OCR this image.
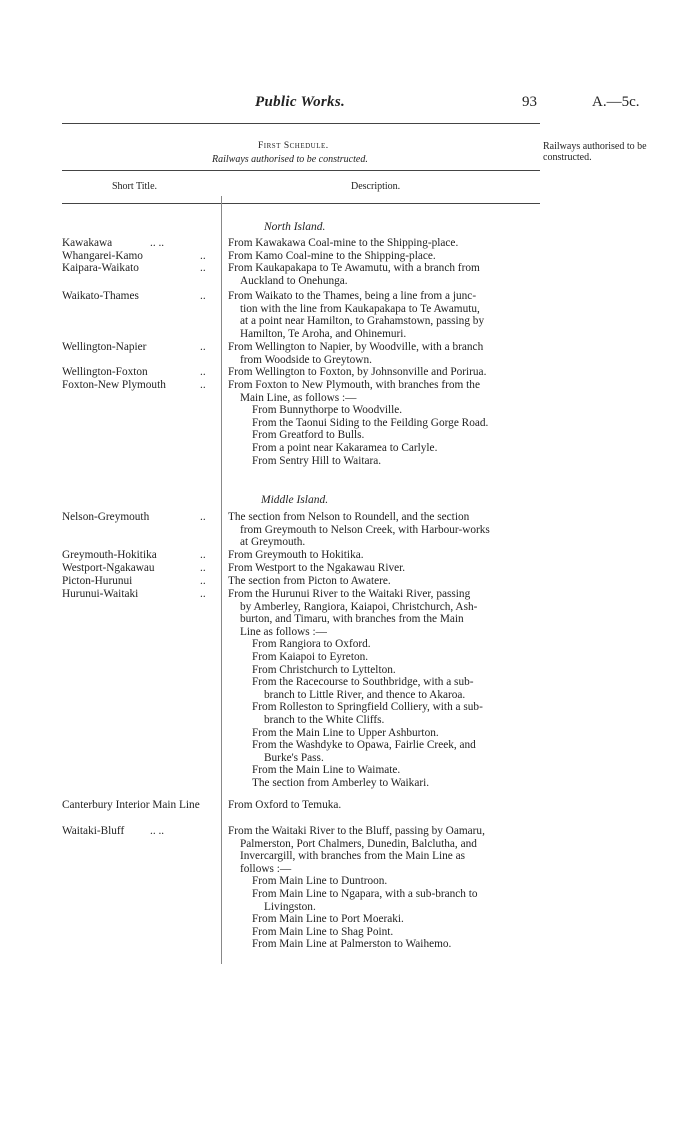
Public Works.	93	A.—5c.
First Schedule.
Railways authorised to be constructed.
Railways authorised to be constructed.
Short Title.	Description.
North Island.
Kawakawa	.. ..	From Kawakawa Coal-mine to the Shipping-place.
Whangarei-Kamo	.. From Kamo Coal-mine to the Shipping-place.
Kaipara-Waikato	.. From Kaukapakapa to Te Awamutu, with a branch from
Auckland to Onehunga.
Waikato-Thames	.. From Waikato to the Thames, being a line from a junc-
tion with the line from Kaukapakapa to Te Awamutu,
at a point near Hamilton, to Grahamstown, passing by
Hamilton, Te Aroha, and Ohinemuri.
Wellington-Napier	.. From Wellington to Napier, by Woodville, with a branch
from Woodside to Greytown.
Wellington-Foxton	.. From Wellington to Foxton, by Johnsonville and Porirua.
Foxton-New Plymouth	.. From Foxton to New Plymouth, with branches from the
Main Line, as follows :—
From Bunnythorpe to Woodville.
From the Taonui Siding to the Feilding Gorge Road.
From Greatford to Bulls.
From a point near Kakaramea to Carlyle.
From Sentry Hill to Waitara.
Middle Island.
Nelson-Greymouth	.. The section from Nelson to Roundell, and the section
from Greymouth to Nelson Creek, with Harbour-works
at Greymouth.
Greymouth-Hokitika	.. From Greymouth to Hokitika.
Westport-Ngakawau	.. From Westport to the Ngakawau River.
Picton-Hurunui	.. The section from Picton to Awatere.
Hurunui-Waitaki	.. From the Hurunui River to the Waitaki River, passing
by Amberley, Rangiora, Kaiapoi, Christchurch, Ash-
burton, and Timaru, with branches from the Main
Line as follows :—
From Rangiora to Oxford.
From Kaiapoi to Eyreton.
From Christchurch to Lyttelton.
From the Racecourse to Southbridge, with a sub-
branch to Little River, and thence to Akaroa.
From Rolleston to Springfield Colliery, with a sub-
branch to the White Cliffs.
From the Main Line to Upper Ashburton.
From the Washdyke to Opawa, Fairlie Creek, and
Burke's Pass.
From the Main Line to Waimate.
The section from Amberley to Waikari.
Canterbury Interior Main Line	From Oxford to Temuka.
Waitaki-Bluff	.. ..	From the Waitaki River to the Bluff, passing by Oamaru,
Palmerston, Port Chalmers, Dunedin, Balclutha, and
Invercargill, with branches from the Main Line as
follows :—
From Main Line to Duntroon.
From Main Line to Ngapara, with a sub-branch to
Livingston.
From Main Line to Port Moeraki.
From Main Line to Shag Point.
From Main Line at Palmerston to Waihemo.
